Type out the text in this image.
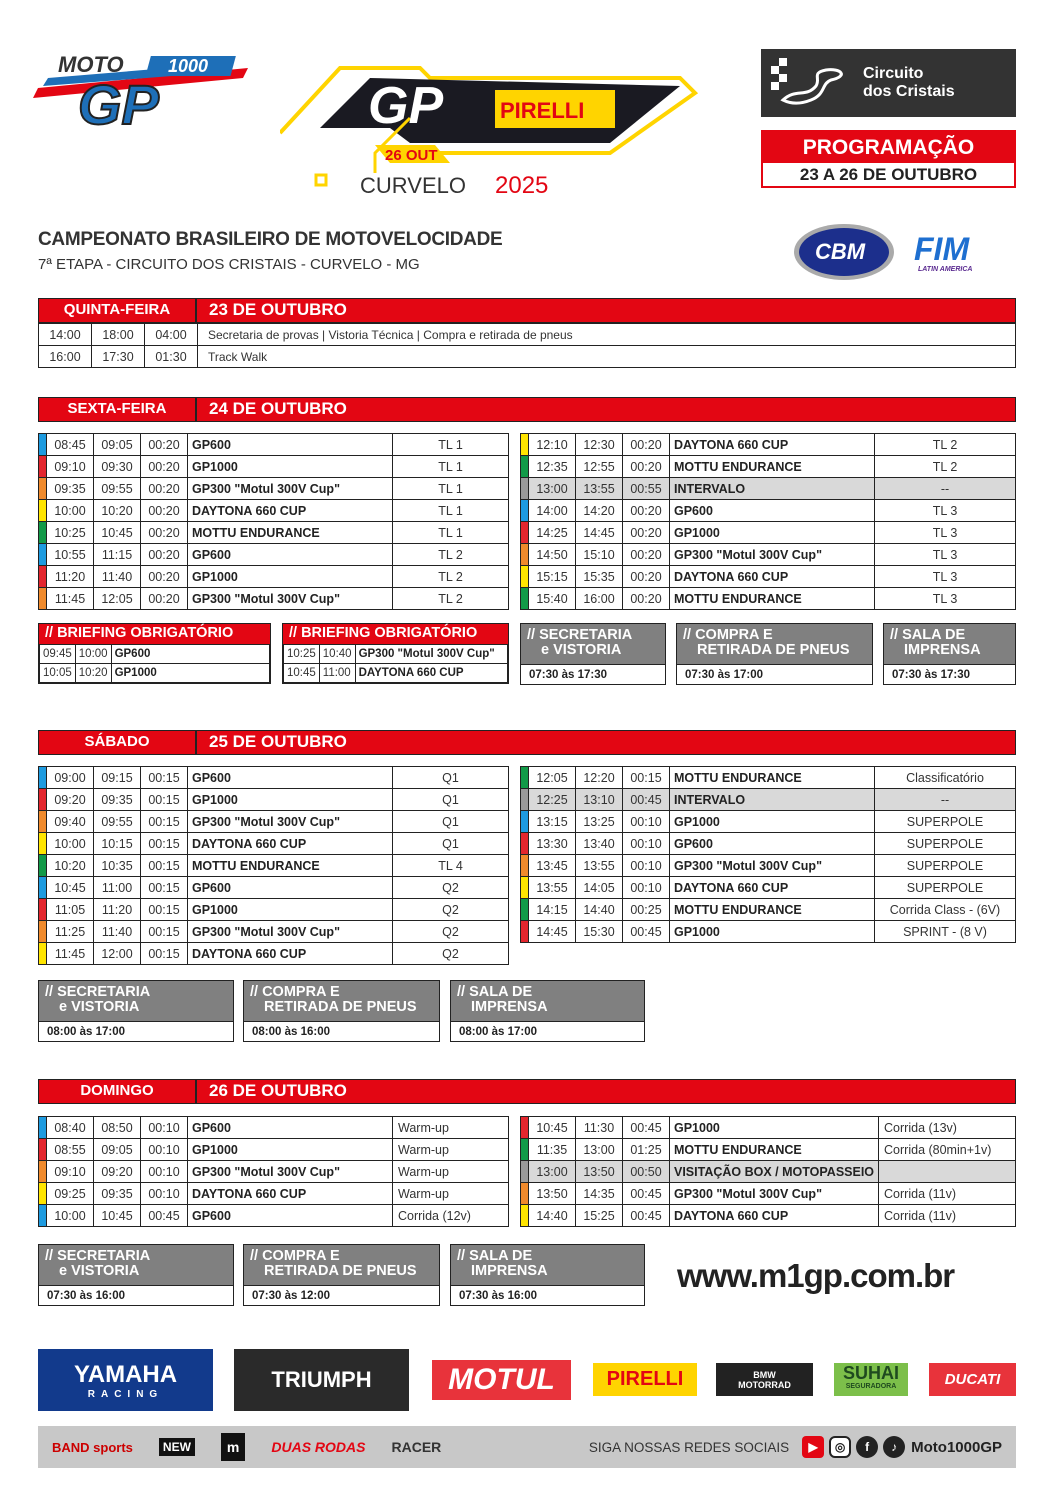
MOTO 1000
GP	GP	PIRELLI
26 OUT
CURVELO 2025
Circuito
dos Cristais
PROGRAMAÇÃO
23 A 26 DE OUTUBRO
CAMPEONATO BRASILEIRO DE MOTOVELOCIDADE
7ª ETAPA - CIRCUITO DOS CRISTAIS - CURVELO - MG
CBM FIM
LATIN AMERICA
QUINTA-FEIRA	23 DE OUTUBRO
14:00	18:00	04:00	Secretaria de provas | Vistoria Técnica | Compra e retirada de pneus
16:00	17:30	01:30	Track Walk
SEXTA-FEIRA	24 DE OUTUBRO
	08:45	09:05	00:20	GP600	TL 1
	09:10	09:30	00:20	GP1000	TL 1
	09:35	09:55	00:20	GP300 "Motul 300V Cup"	TL 1
	10:00	10:20	00:20	DAYTONA 660 CUP	TL 1
	10:25	10:45	00:20	MOTTU ENDURANCE	TL 1
	10:55	11:15	00:20	GP600	TL 2
	11:20	11:40	00:20	GP1000	TL 2
	11:45	12:05	00:20	GP300 "Motul 300V Cup"	TL 2
	12:10	12:30	00:20	DAYTONA 660 CUP	TL 2
	12:35	12:55	00:20	MOTTU ENDURANCE	TL 2
	13:00	13:55	00:55	INTERVALO	--
	14:00	14:20	00:20	GP600	TL 3
	14:25	14:45	00:20	GP1000	TL 3
	14:50	15:10	00:20	GP300 "Motul 300V Cup"	TL 3
	15:15	15:35	00:20	DAYTONA 660 CUP	TL 3
	15:40	16:00	00:20	MOTTU ENDURANCE	TL 3
// BRIEFING OBRIGATÓRIO
09:45	10:00	GP600
10:05	10:20	GP1000
// BRIEFING OBRIGATÓRIO
10:25	10:40	GP300 "Motul 300V Cup"
10:45	11:00	DAYTONA 660 CUP
// SECRETARIA
e VISTORIA
07:30 às 17:30
// COMPRA E
RETIRADA DE PNEUS
07:30 às 17:00
// SALA DE
IMPRENSA
07:30 às 17:30
SÁBADO	25 DE OUTUBRO
	09:00	09:15	00:15	GP600	Q1
	09:20	09:35	00:15	GP1000	Q1
	09:40	09:55	00:15	GP300 "Motul 300V Cup"	Q1
	10:00	10:15	00:15	DAYTONA 660 CUP	Q1
	10:20	10:35	00:15	MOTTU ENDURANCE	TL 4
	10:45	11:00	00:15	GP600	Q2
	11:05	11:20	00:15	GP1000	Q2
	11:25	11:40	00:15	GP300 "Motul 300V Cup"	Q2
	11:45	12:00	00:15	DAYTONA 660 CUP	Q2
	12:05	12:20	00:15	MOTTU ENDURANCE	Classificatório
	12:25	13:10	00:45	INTERVALO	--
	13:15	13:25	00:10	GP1000	SUPERPOLE
	13:30	13:40	00:10	GP600	SUPERPOLE
	13:45	13:55	00:10	GP300 "Motul 300V Cup"	SUPERPOLE
	13:55	14:05	00:10	DAYTONA 660 CUP	SUPERPOLE
	14:15	14:40	00:25	MOTTU ENDURANCE	Corrida Class - (6V)
	14:45	15:30	00:45	GP1000	SPRINT - (8 V)
// SECRETARIA
e VISTORIA
08:00 às 17:00
// COMPRA E
RETIRADA DE PNEUS
08:00 às 16:00
// SALA DE
IMPRENSA
08:00 às 17:00
DOMINGO	26 DE OUTUBRO
	08:40	08:50	00:10	GP600	Warm-up
	08:55	09:05	00:10	GP1000	Warm-up
	09:10	09:20	00:10	GP300 "Motul 300V Cup"	Warm-up
	09:25	09:35	00:10	DAYTONA 660 CUP	Warm-up
	10:00	10:45	00:45	GP600	Corrida (12v)
	10:45	11:30	00:45	GP1000	Corrida (13v)
	11:35	13:00	01:25	MOTTU ENDURANCE	Corrida (80min+1v)
	13:00	13:50	00:50	VISITAÇÃO BOX / MOTOPASSEIO	
	13:50	14:35	00:45	GP300 "Motul 300V Cup"	Corrida (11v)
	14:40	15:25	00:45	DAYTONA 660 CUP	Corrida (11v)
// SECRETARIA
e VISTORIA
07:30 às 16:00
// COMPRA E
RETIRADA DE PNEUS
07:30 às 12:00
// SALA DE
IMPRENSA
07:30 às 16:00
www.m1gp.com.br
YAMAHA
RACING
TRIUMPH	MOTUL	PIRELLI	BMW
MOTORRAD
SUHAI
SEGURADORA	DUCATI
BAND sports	NEW	m	DUAS RODAS RACER	SIGA NOSSAS REDES SOCIAIS	▶	◎	f	♪ Moto1000GP
